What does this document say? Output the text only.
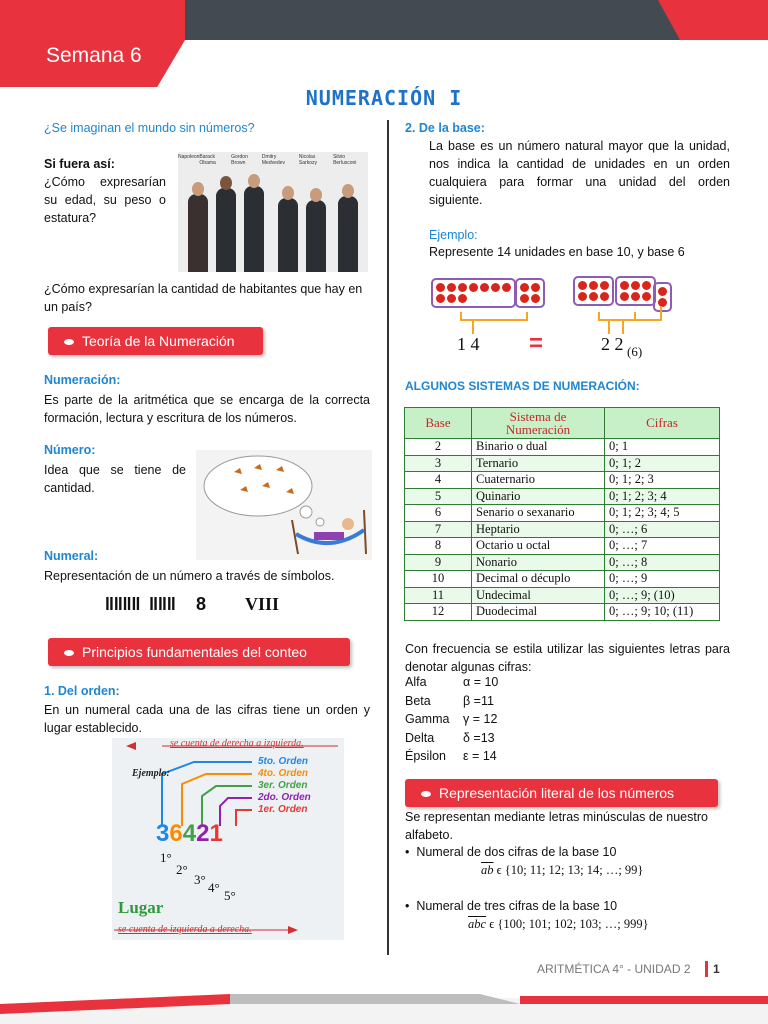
Semana 6
NUMERACIÓN I
¿Se imaginan el mundo sin números?
Si fuera así:
¿Cómo expresarían su edad, su peso o estatura?
Napoleon Barack Obama
Gordon Brown
Dmitry Medvedev
Nicolas Sarkozy
Silvio Berlusconi
¿Cómo expresarían la cantidad de habitantes que hay en un país?
Teoría de la Numeración
Numeración:
Es parte de la aritmética que se encarga de la correcta formación, lectura y escritura de los números.
Número:
Idea que se tiene de cantidad.
Numeral:
Representación de un número a través de símbolos.
ǁǁǁǁ ǁǁǁ 8 VIII
Principios fundamentales del conteo
1. Del orden:
En un numeral cada una de las cifras tiene un orden y lugar establecido.
se cuenta de derecha a izquierda.
Ejemplo:
5to. Orden
4to. Orden
3er. Orden
2do. Orden
1er. Orden
36421
1°
2°
3°
4°
5°
Lugar
se cuenta de izquierda a derecha.
2. De la base:
La base es un número natural mayor que la unidad, nos indica la cantidad de unidades en un orden cualquiera para formar una unidad del orden siguiente.
Ejemplo:
Represente 14 unidades en base 10, y base 6
1 4 =	2 2 (6)
ALGUNOS SISTEMAS DE NUMERACIÓN:
Base	Sistema de Numeración	Cifras
2	Binario o dual	0; 1
3	Ternario	0; 1; 2
4	Cuaternario	0; 1; 2; 3
5	Quinario	0; 1; 2; 3; 4
6	Senario o sexanario	0; 1; 2; 3; 4; 5
7	Heptario	0; …; 6
8	Octario u octal	0; …; 7
9	Nonario	0; …; 8
10	Decimal o décuplo	0; …; 9
11	Undecimal	0; …; 9; (10)
12	Duodecimal	0; …; 9; 10; (11)
Con frecuencia se estila utilizar las siguientes letras para denotar algunas cifras:
Alfa	α = 10
Beta	β =11
Gamma γ = 12
Delta δ =13
Épsilon ε = 14
Representación literal de los números
Se representan mediante letras minúsculas de nuestro alfabeto.
•  Numeral de dos cifras de la base 10
$\overline{ab}$ ϵ {10; 11; 12; 13; 14; …; 99}
•  Numeral de tres cifras de la base 10
$\overline{abc}$ ϵ {100; 101; 102; 103; …; 999}
ARITMÉTICA 4° - UNIDAD 2 1
